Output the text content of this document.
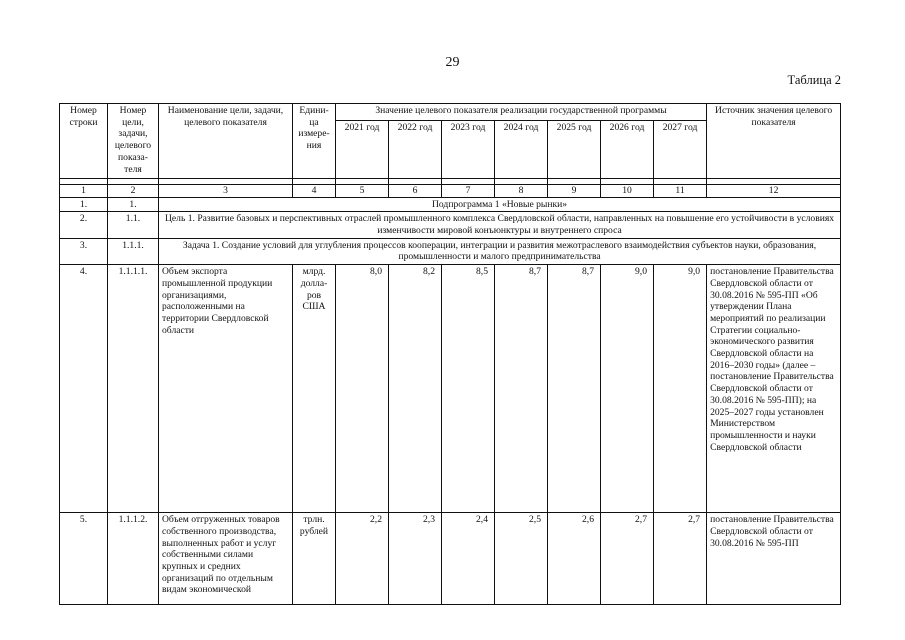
29
Таблица 2
Номер строки	Номер цели, задачи, целевого показа-теля	Наименование цели, задачи, целевого показателя	Едини-ца измере-ния	Значение целевого показателя реализации государственной программы							Источник значения целевого показателя
				2021 год	2022 год	2023 год	2024 год	2025 год	2026 год	2027 год	

1	2	3	4	5	6	7	8	9	10	11	12
1.	1.	Подпрограмма 1 «Новые рынки»									
2.	1.1.	Цель 1. Развитие базовых и перспективных отраслей промышленного комплекса Свердловской области, направленных на повышение его устойчивости в условиях изменчивости мировой конъюнктуры и внутреннего спроса									
3.	1.1.1.	Задача 1. Создание условий для углубления процессов кооперации, интеграции и развития межотраслевого взаимодействия субъектов науки, образования, промышленности и малого предпринимательства									
4.	1.1.1.1.	Объем экспорта промышленной продукции организациями, расположенными на территории Свердловской области	млрд. долла-ров США	8,0	8,2	8,5	8,7	8,7	9,0	9,0	постановление Правительства Свердловской области от 30.08.2016 № 595-ПП «Об утверждении Плана мероприятий по реализации Стратегии социально-экономического развития Свердловской области на 2016–2030 годы» (далее – постановление Правительства Свердловской области от 30.08.2016 № 595-ПП); на 2025–2027 годы установлен Министерством промышленности и науки Свердловской области
5.	1.1.1.2.	Объем отгруженных товаров собственного производства, выполненных работ и услуг собственными силами крупных и средних организаций по отдельным видам экономической	трлн. рублей	2,2	2,3	2,4	2,5	2,6	2,7	2,7	постановление Правительства Свердловской области от 30.08.2016 № 595-ПП
